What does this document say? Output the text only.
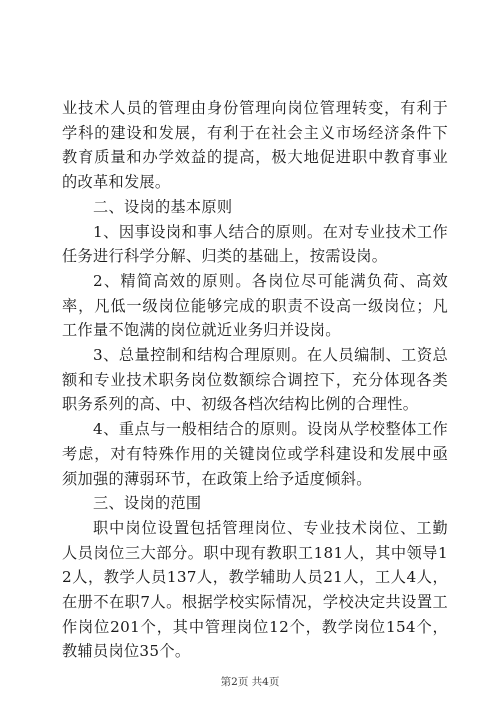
业技术人员的管理由身份管理向岗位管理转变，有利于学科的建设和发展，有利于在社会主义市场经济条件下教育质量和办学效益的提高，极大地促进职中教育事业的改革和发展。

二、设岗的基本原则

1、因事设岗和事人结合的原则。在对专业技术工作任务进行科学分解、归类的基础上，按需设岗。

2、精简高效的原则。各岗位尽可能满负荷、高效率，凡低一级岗位能够完成的职责不设高一级岗位；凡工作量不饱满的岗位就近业务归并设岗。

3、总量控制和结构合理原则。在人员编制、工资总额和专业技术职务岗位数额综合调控下，充分体现各类职务系列的高、中、初级各档次结构比例的合理性。

4、重点与一般相结合的原则。设岗从学校整体工作考虑，对有特殊作用的关键岗位或学科建设和发展中亟须加强的薄弱环节，在政策上给予适度倾斜。

三、设岗的范围

职中岗位设置包括管理岗位、专业技术岗位、工勤人员岗位三大部分。职中现有教职工181人，其中领导12人，教学人员137人，教学辅助人员21人，工人4人，在册不在职7人。根据学校实际情况，学校决定共设置工作岗位201个，其中管理岗位12个，教学岗位154个，教辅员岗位35个。

第2页 共4页
